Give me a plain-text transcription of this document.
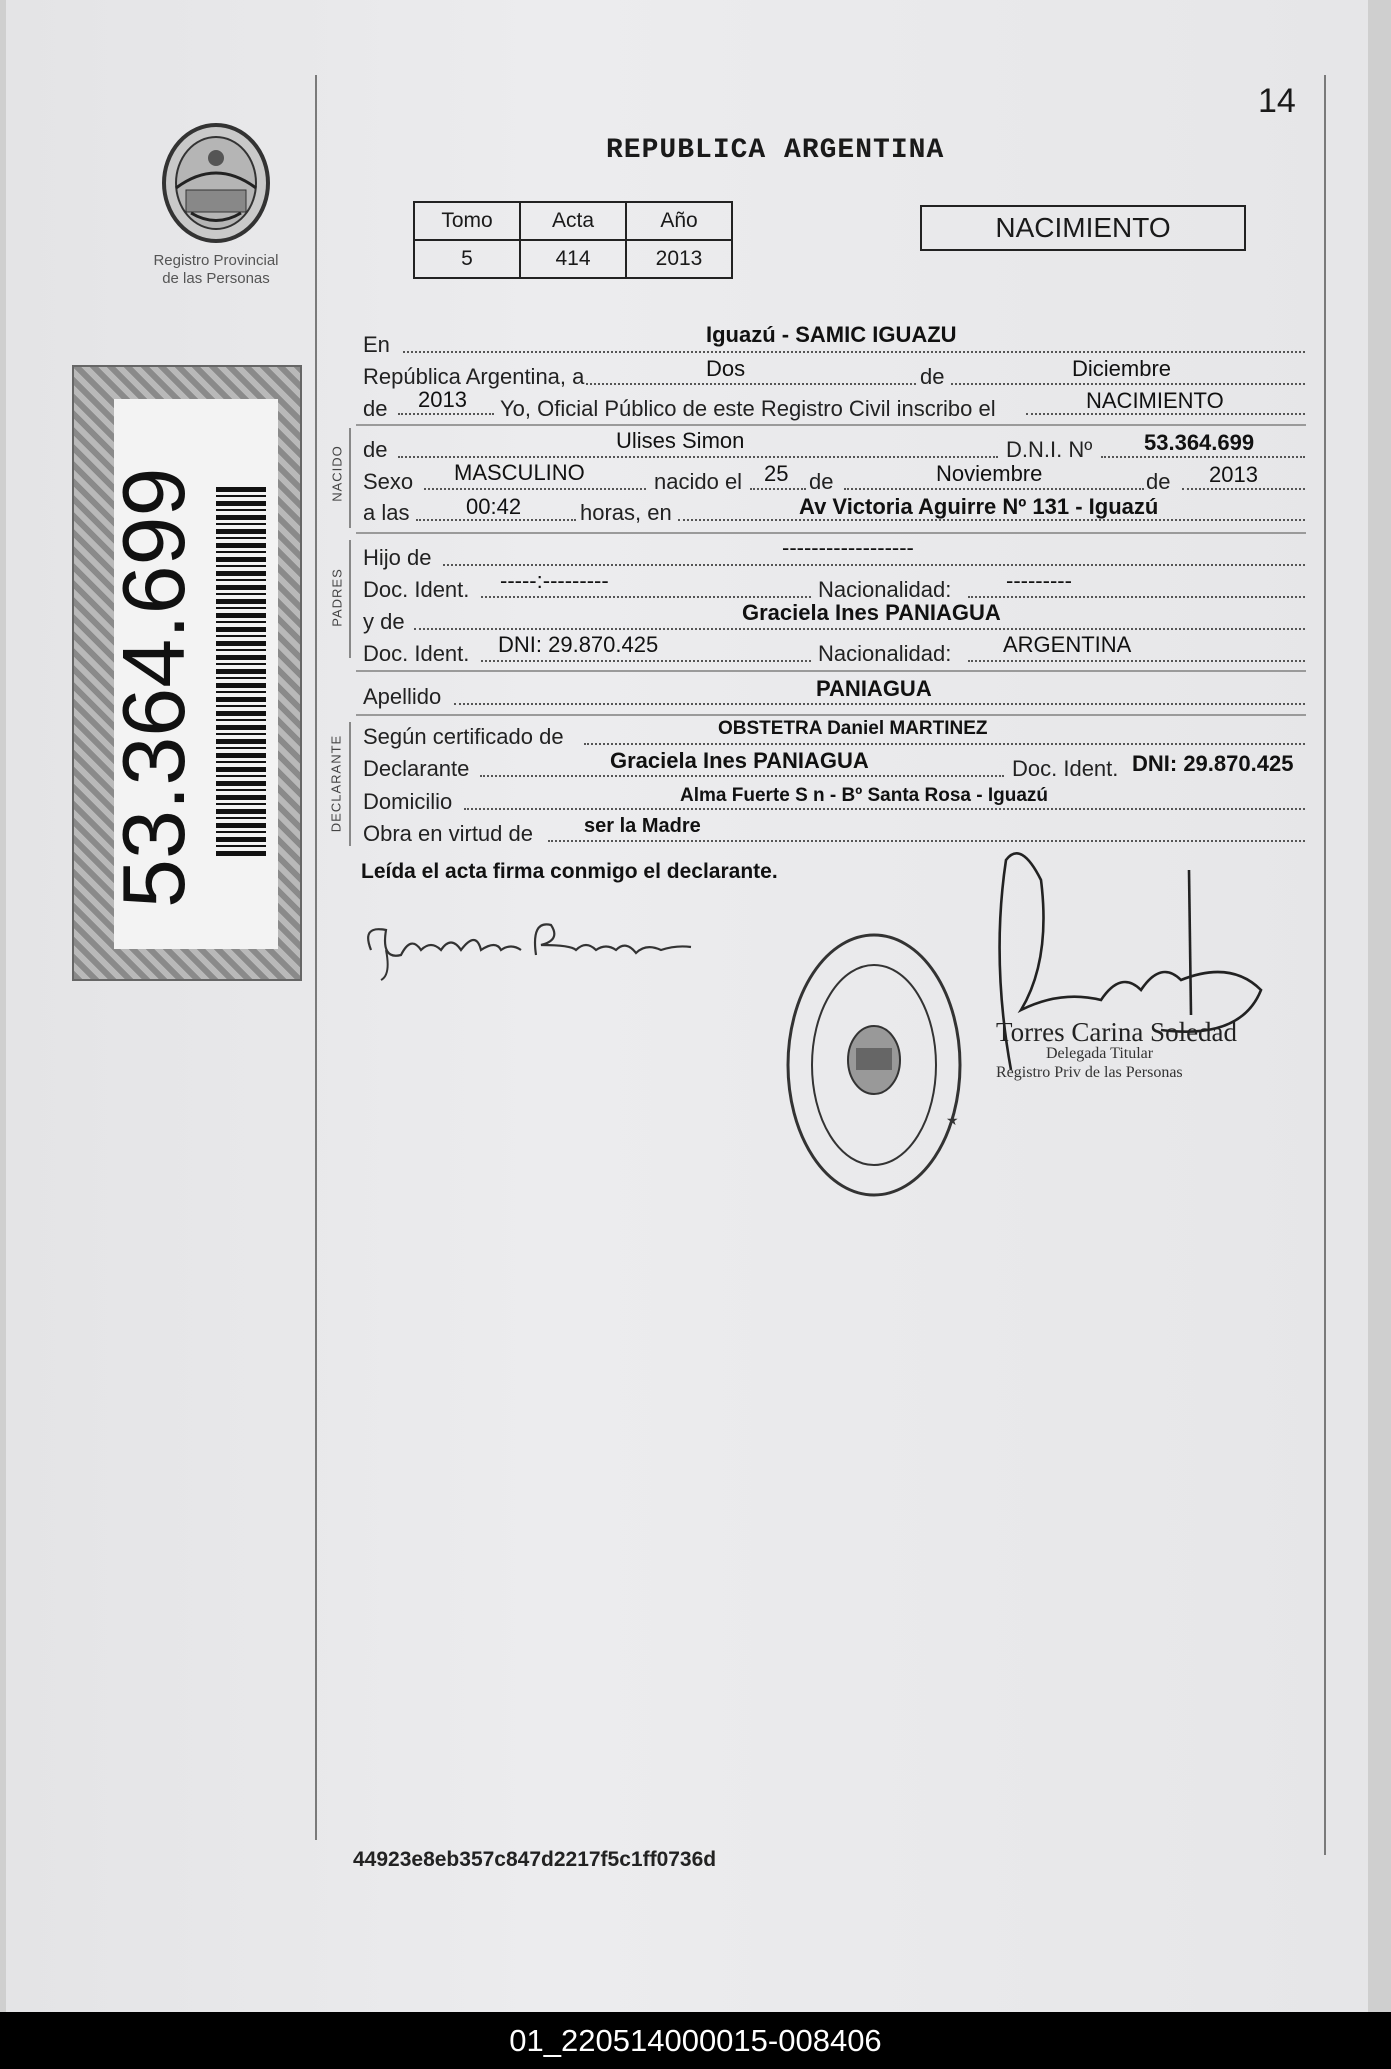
14
Registro Provincial
de las Personas
53.364.699
REPUBLICA ARGENTINA
Tomo	Acta	Año
5	414	2013
NACIMIENTO
NACIDO
PADRES
DECLARANTE
En	Iguazú - SAMIC IGUAZU
República Argentina, a	Dos	de	Diciembre
de 2013 Yo, Oficial Público de este Registro Civil inscribo el	NACIMIENTO
de	Ulises Simon	D.N.I. Nº 53.364.699
Sexo MASCULINO	nacido el 25 de	Noviembre	de 2013
a las	00:42	horas, en	Av Victoria Aguirre Nº 131 - Iguazú
Hijo de	------------------
Doc. Ident. -----:---------	Nacionalidad: ---------
y de	Graciela Ines PANIAGUA
Doc. Ident. DNI: 29.870.425	Nacionalidad: ARGENTINA
Apellido	PANIAGUA
Según certificado de	OBSTETRA Daniel MARTINEZ
Declarante	Graciela Ines PANIAGUA	Doc. Ident. DNI: 29.870.425
Domicilio	Alma Fuerte S n - Bº Santa Rosa - Iguazú
Obra en virtud de	ser la Madre
Leída el acta firma conmigo el declarante.
★
Torres Carina Soledad
Delegada Titular
Registro Priv de las Personas
44923e8eb357c847d2217f5c1ff0736d
01_220514000015-008406
